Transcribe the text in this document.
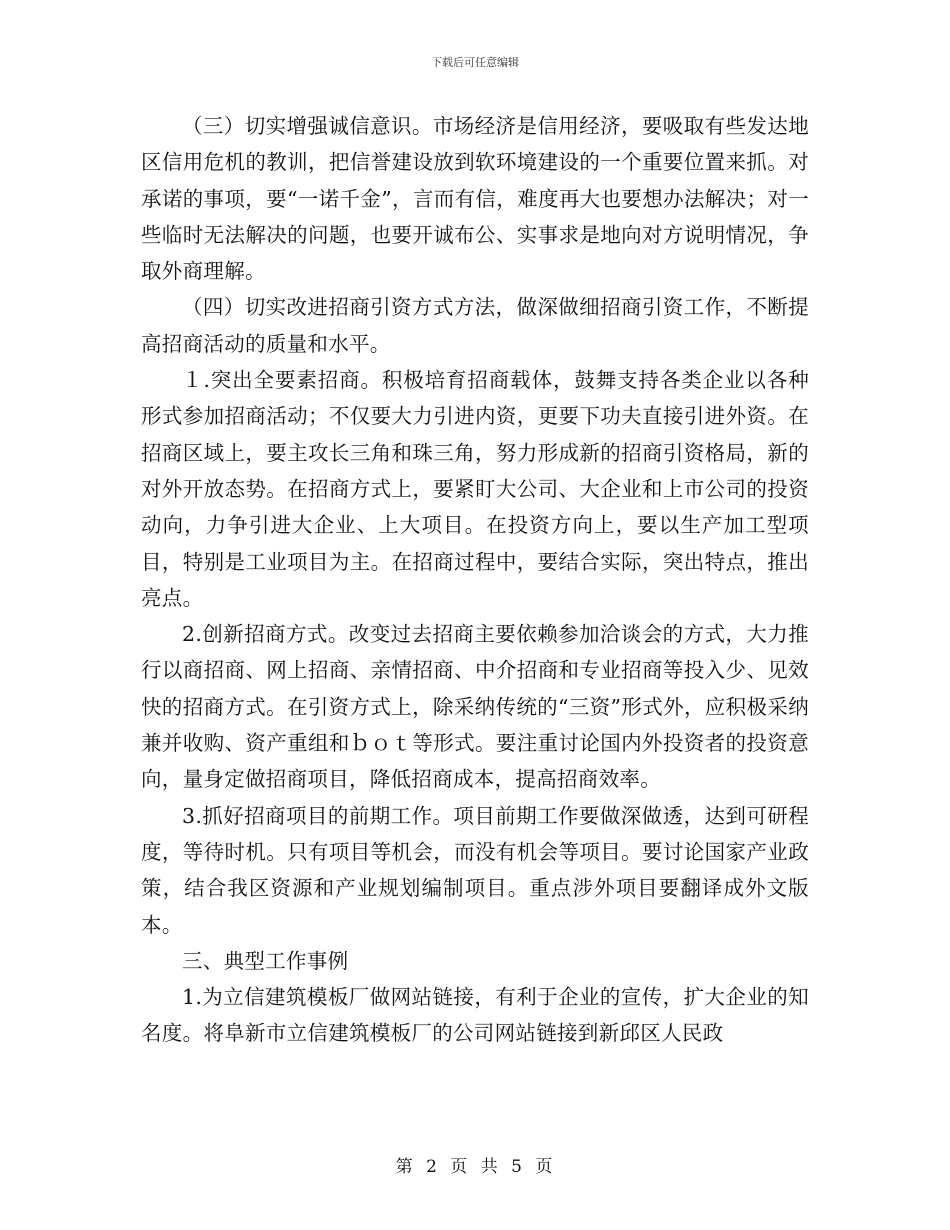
下载后可任意编辑

（三）切实增强诚信意识。市场经济是信用经济，要吸取有些发达地区信用危机的教训，把信誉建设放到软环境建设的一个重要位置来抓。对承诺的事项，要“一诺千金”，言而有信，难度再大也要想办法解决；对一些临时无法解决的问题，也要开诚布公、实事求是地向对方说明情况，争取外商理解。

（四）切实改进招商引资方式方法，做深做细招商引资工作，不断提高招商活动的质量和水平。

１.突出全要素招商。积极培育招商载体，鼓舞支持各类企业以各种形式参加招商活动；不仅要大力引进内资，更要下功夫直接引进外资。在招商区域上，要主攻长三角和珠三角，努力形成新的招商引资格局，新的对外开放态势。在招商方式上，要紧盯大公司、大企业和上市公司的投资动向，力争引进大企业、上大项目。在投资方向上，要以生产加工型项目，特别是工业项目为主。在招商过程中，要结合实际，突出特点，推出亮点。

2.创新招商方式。改变过去招商主要依赖参加洽谈会的方式，大力推行以商招商、网上招商、亲情招商、中介招商和专业招商等投入少、见效快的招商方式。在引资方式上，除采纳传统的“三资”形式外，应积极采纳兼并收购、资产重组和ｂｏｔ等形式。要注重讨论国内外投资者的投资意向，量身定做招商项目，降低招商成本，提高招商效率。

3.抓好招商项目的前期工作。项目前期工作要做深做透，达到可研程度，等待时机。只有项目等机会，而没有机会等项目。要讨论国家产业政策，结合我区资源和产业规划编制项目。重点涉外项目要翻译成外文版本。

三、典型工作事例

1.为立信建筑模板厂做网站链接，有利于企业的宣传，扩大企业的知名度。将阜新市立信建筑模板厂的公司网站链接到新邱区人民政

第 2 页 共 5 页
